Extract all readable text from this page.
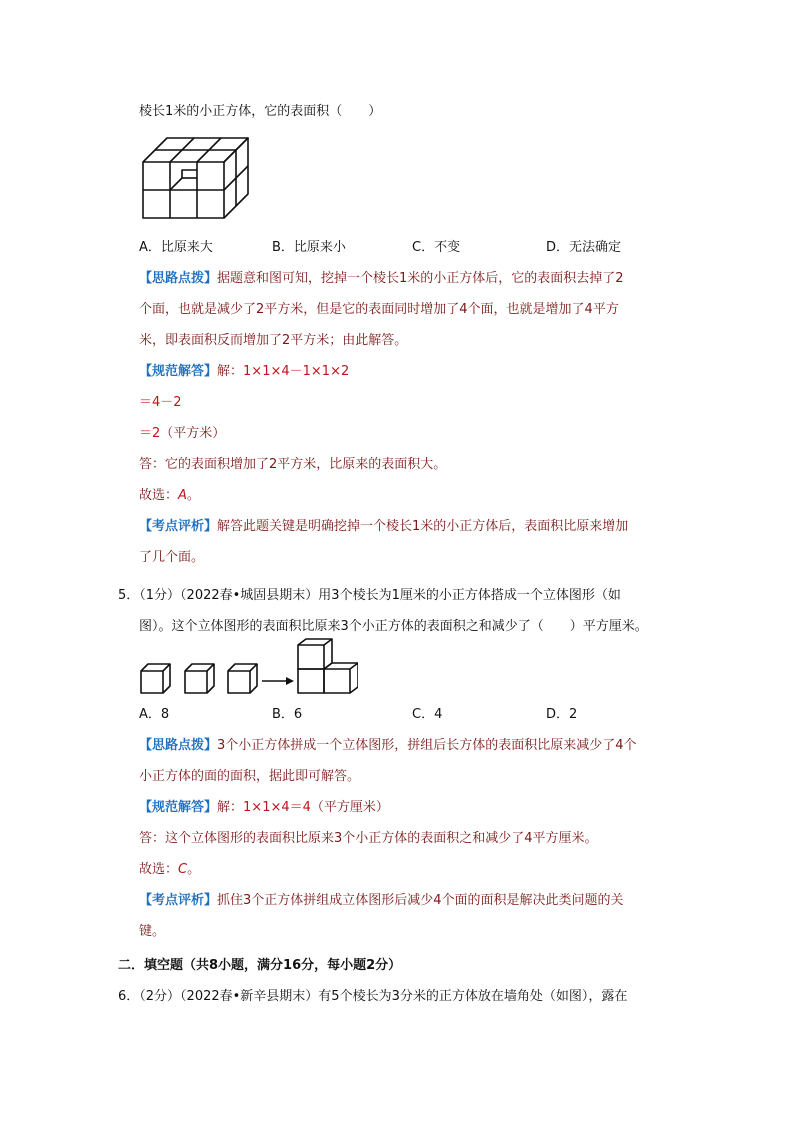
棱长1米的小正方体，它的表面积（　　）
A．比原来大	B．比原来小	C．不变	D．无法确定
【思路点拨】据题意和图可知，挖掉一个棱长1米的小正方体后，它的表面积去掉了2
个面，也就是减少了2平方米，但是它的表面同时增加了4个面，也就是增加了4平方
米，即表面积反而增加了2平方米；由此解答。
【规范解答】解：1×1×4－1×1×2
＝4－2
＝2（平方米）
答：它的表面积增加了2平方米，比原来的表面积大。
故选：A。
【考点评析】解答此题关键是明确挖掉一个棱长1米的小正方体后，表面积比原来增加
了几个面。
5．（1分）（2022春•城固县期末）用3个棱长为1厘米的小正方体搭成一个立体图形（如
图）。这个立体图形的表面积比原来3个小正方体的表面积之和减少了（　　）平方厘米。
A．8	B．6	C．4	D．2
【思路点拨】3个小正方体拼成一个立体图形，拼组后长方体的表面积比原来减少了4个
小正方体的面的面积，据此即可解答。
【规范解答】解：1×1×4＝4（平方厘米）
答：这个立体图形的表面积比原来3个小正方体的表面积之和减少了4平方厘米。
故选：C。
【考点评析】抓住3个正方体拼组成立体图形后减少4个面的面积是解决此类问题的关
键。
二．填空题（共8小题，满分16分，每小题2分）
6．（2分）（2022春•新辛县期末）有5个棱长为3分米的正方体放在墙角处（如图），露在
